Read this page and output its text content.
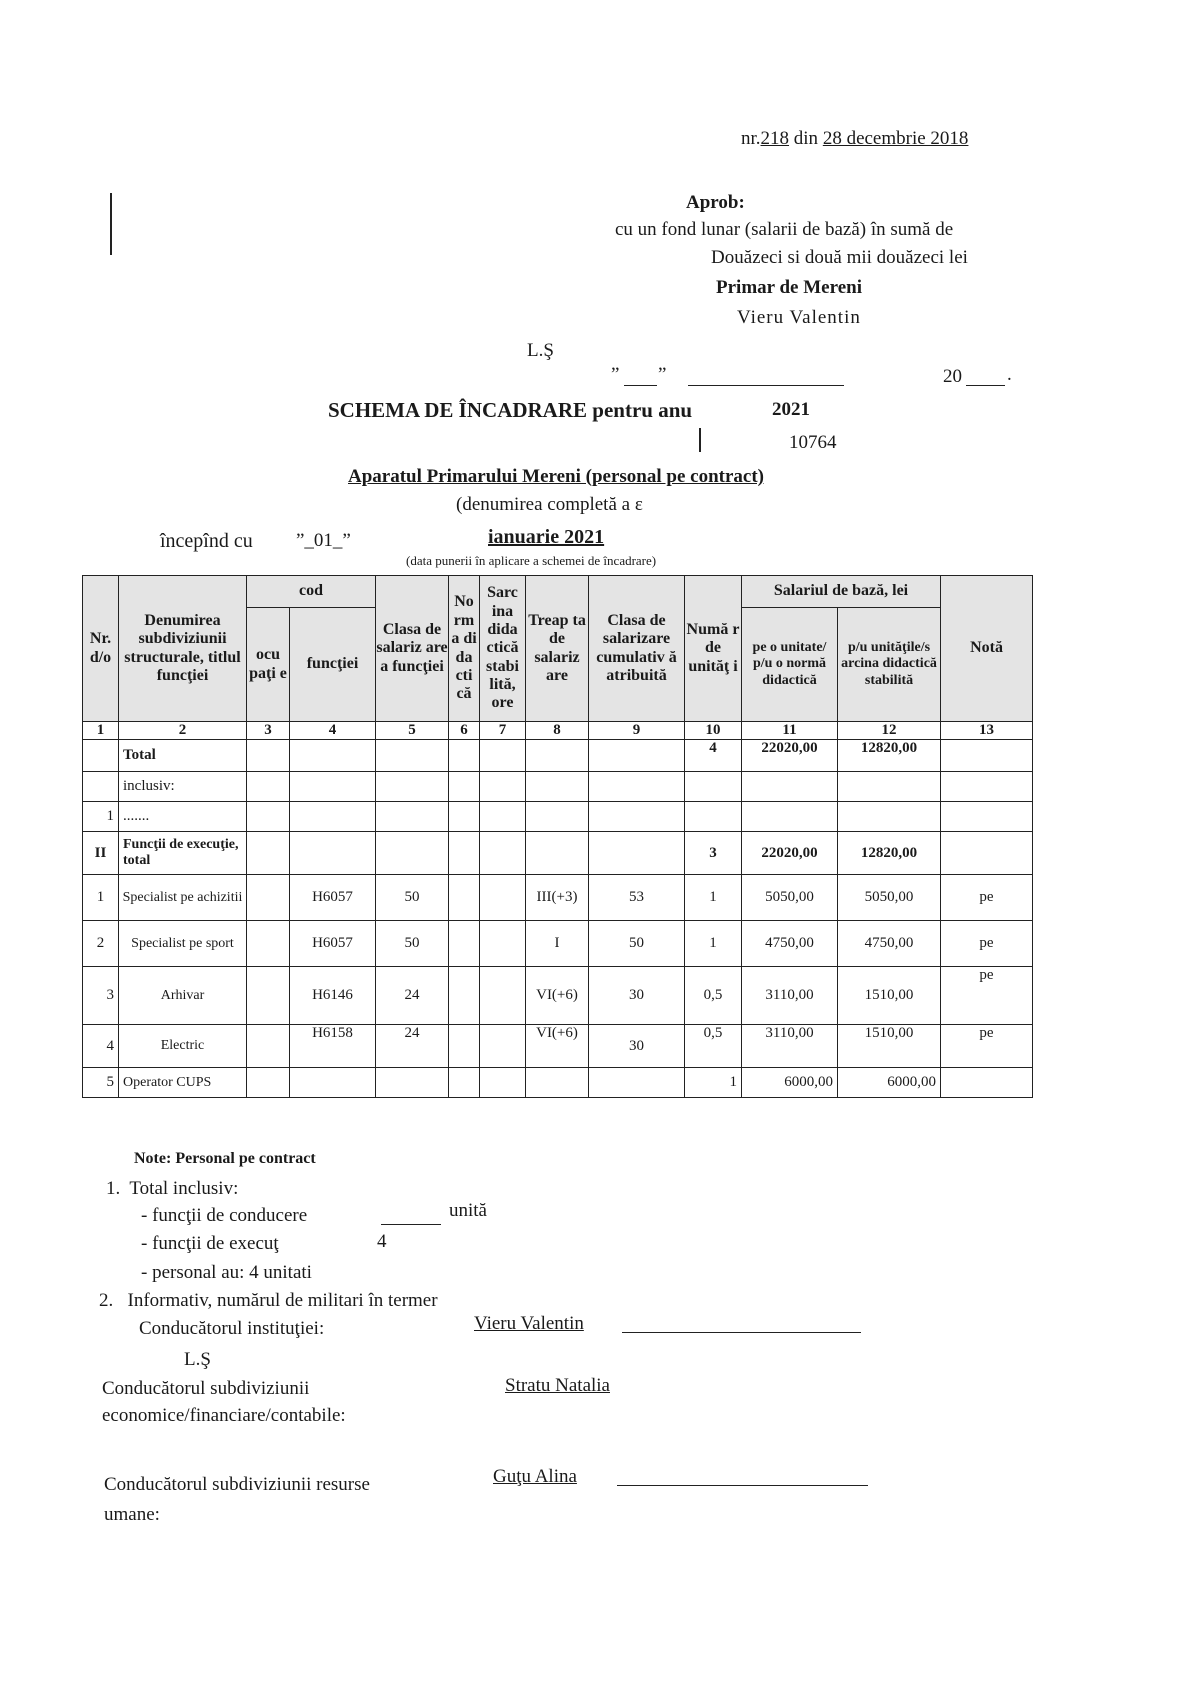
nr.218 din 28 decembrie 2018
Aprob:
cu un fond lunar (salarii de bază) în sumă de
Douăzeci si două mii douăzeci lei
Primar de Mereni
Vieru Valentin
L.Ş
” ”	20 .
SCHEMA DE ÎNCADRARE pentru anu	2021
10764
Aparatul Primarului Mereni (personal pe contract)
(denumirea completă a ε
începînd cu ”_01_”	ianuarie 2021
(data punerii în aplicare a schemei de încadrare)
Nr. d/o	Denumirea subdiviziunii structurale, titlul funcţiei	cod		Clasa de salariz are a funcţiei	No rm a di da cti că	Sarc ina dida ctică stabi lită, ore	Treap ta de salariz are	Clasa de salarizare cumulativ ă atribuită	Numă r de unităţ i	Salariul de bază, lei		Notă
		ocu paţi e	funcţiei							pe o unitate/ p/u o normă didactică	p/u unităţile/s arcina didactică stabilită	

1	2	3	4	5	6	7	8	9	10	11	12	13
	Total								4	22020,00	12820,00	
	inclusiv:											
1	.......											
II	Funcţii de execuţie, total								3	22020,00	12820,00	
1	Specialist pe achizitii		H6057	50			III(+3)	53	1	5050,00	5050,00	pe
2	Specialist pe sport		H6057	50			I	50	1	4750,00	4750,00	pe
3	Arhivar		H6146	24			VI(+6)	30	0,5	3110,00	1510,00	pe
4	Electric		H6158	24			VI(+6)	30	0,5	3110,00	1510,00	pe
5	Operator CUPS								1	6000,00	6000,00	
Note: Personal pe contract
1.  Total inclusiv:
- funcţii de conducere	unită
- funcţii de execuţ	4
- personal au: 4 unitati
2.   Informativ, numărul de militari în termer
Conducătorul instituţiei:	Vieru Valentin
L.Ş
Conducătorul subdiviziunii	Stratu Natalia
economice/financiare/contabile:
Conducătorul subdiviziunii resurse	Guţu Alina
umane:
